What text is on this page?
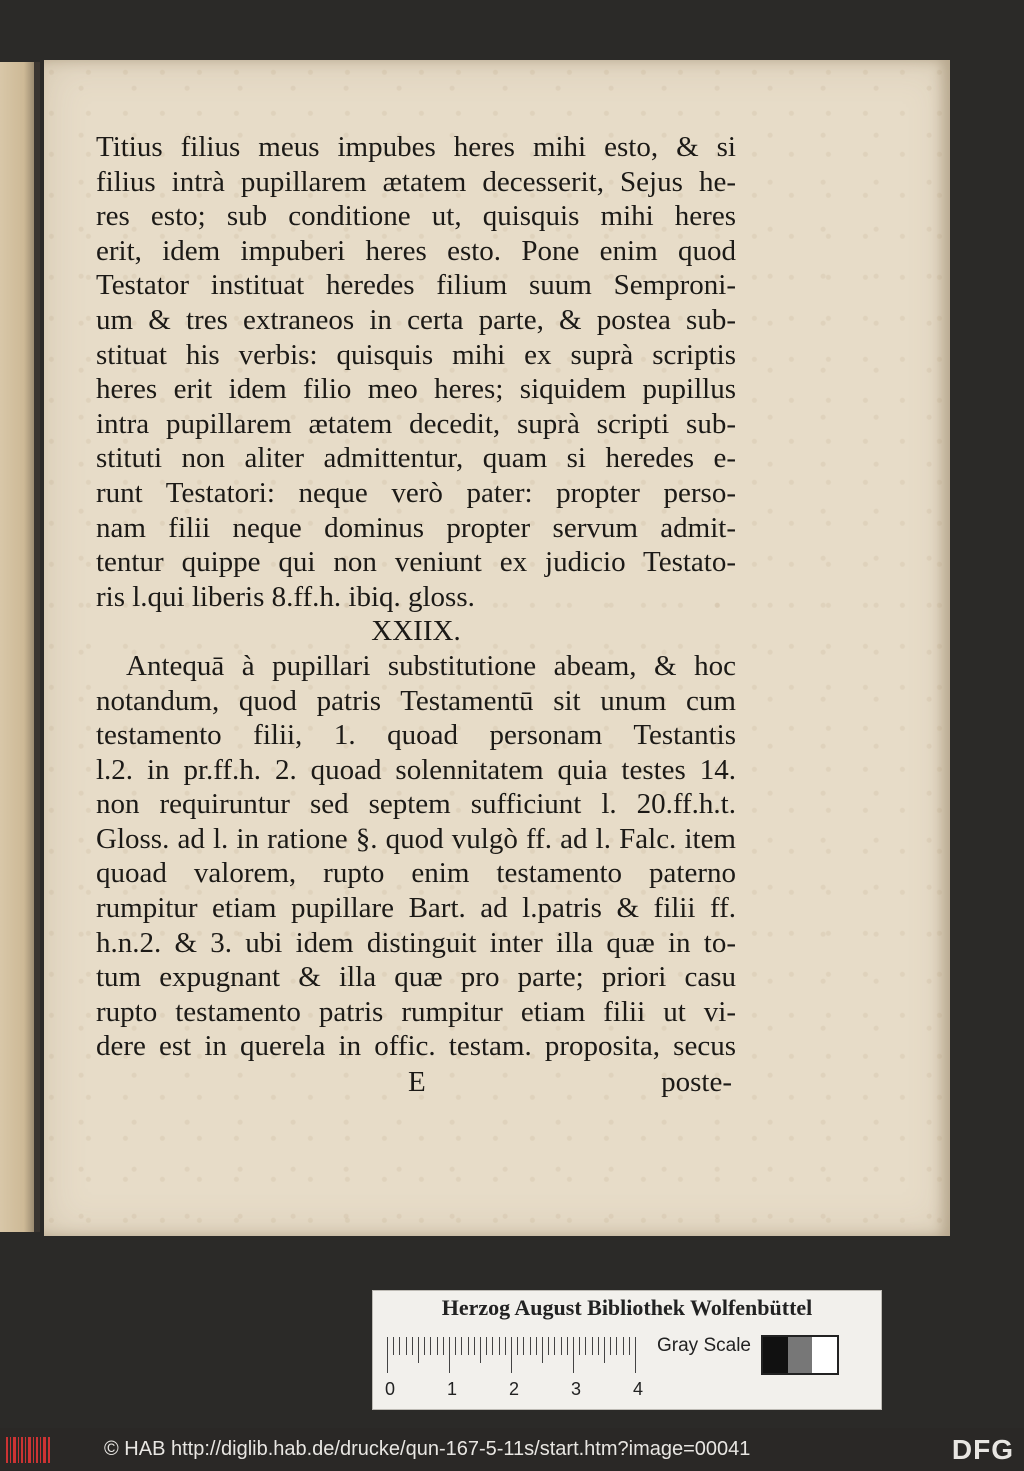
Titius filius meus impubes heres mihi esto, & si
filius intrà pupillarem ætatem decesserit, Sejus he-
res esto; sub conditione ut, quisquis mihi heres
erit, idem impuberi heres esto. Pone enim quod
Testator instituat heredes filium suum Semproni-
um & tres extraneos in certa parte, & postea sub-
stituat his verbis: quisquis mihi ex suprà scriptis
heres erit idem filio meo heres; siquidem pupillus
intra pupillarem ætatem decedit, suprà scripti sub-
stituti non aliter admittentur, quam si heredes e-
runt Testatori: neque verò pater: propter perso-
nam filii neque dominus propter servum admit-
tentur quippe qui non veniunt ex judicio Testato-
ris l.qui liberis 8.ff.h. ibiq. gloss.
XXIIX.
Antequā à pupillari substitutione abeam, & hoc
notandum, quod patris Testamentū sit unum cum
testamento filii, 1. quoad personam Testantis
l.2. in pr.ff.h. 2. quoad solennitatem quia testes 14.
non requiruntur sed septem sufficiunt l. 20.ff.h.t.
Gloss. ad l. in ratione §. quod vulgò ff. ad l. Falc. item
quoad valorem, rupto enim testamento paterno
rumpitur etiam pupillare Bart. ad l.patris & filii ff.
h.n.2. & 3. ubi idem distinguit inter illa quæ in to-
tum expugnant & illa quæ pro parte; priori casu
rupto testamento patris rumpitur etiam filii ut vi-
dere est in querela in offic. testam. proposita, secus
E	poste-
Herzog August Bibliothek Wolfenbüttel
0	1	2	3	4
Gray Scale
© HAB http://diglib.hab.de/drucke/qun-167-5-11s/start.htm?image=00041	DFG
